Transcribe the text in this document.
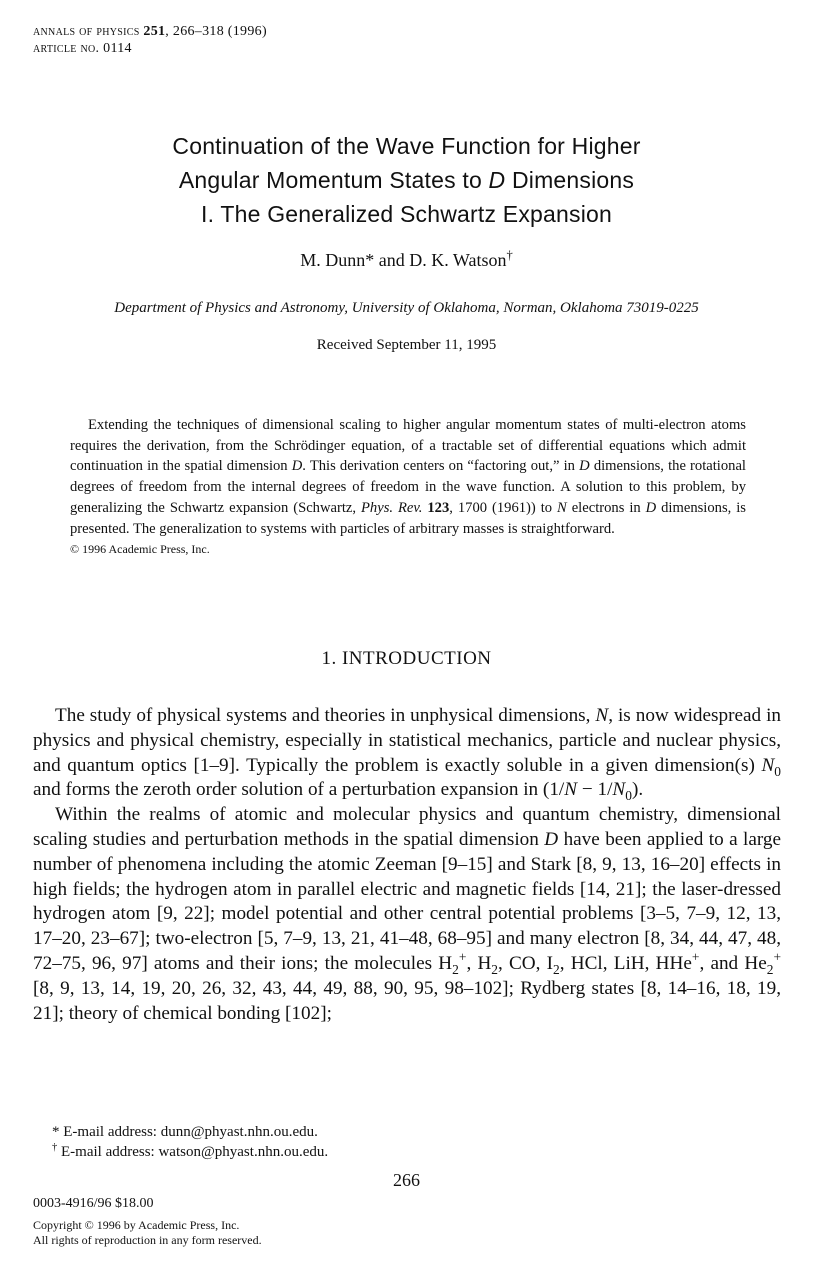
annals of physics 251, 266–318 (1996)
article no. 0114
Continuation of the Wave Function for Higher
Angular Momentum States to D Dimensions
I. The Generalized Schwartz Expansion
M. Dunn* and D. K. Watson†
Department of Physics and Astronomy, University of Oklahoma, Norman, Oklahoma 73019-0225
Received September 11, 1995
Extending the techniques of dimensional scaling to higher angular momentum states of multi-electron atoms requires the derivation, from the Schrödinger equation, of a tractable set of differential equations which admit continuation in the spatial dimension D. This derivation centers on “factoring out,” in D dimensions, the rotational degrees of freedom from the internal degrees of freedom in the wave function. A solution to this problem, by generalizing the Schwartz expansion (Schwartz, Phys. Rev. 123, 1700 (1961)) to N electrons in D dimensions, is presented. The generalization to systems with particles of arbitrary masses is straightforward.
© 1996 Academic Press, Inc.
1. INTRODUCTION

The study of physical systems and theories in unphysical dimensions, N, is now widespread in physics and physical chemistry, especially in statistical mechanics, particle and nuclear physics, and quantum optics [1–9]. Typically the problem is exactly soluble in a given dimension(s) $N_0$ and forms the zeroth order solution of a perturbation expansion in $(1/N - 1/N_0)$.

Within the realms of atomic and molecular physics and quantum chemistry, dimensional scaling studies and perturbation methods in the spatial dimension D have been applied to a large number of phenomena including the atomic Zeeman [9–15] and Stark [8, 9, 13, 16–20] effects in high fields; the hydrogen atom in parallel electric and magnetic fields [14, 21]; the laser-dressed hydrogen atom [9, 22]; model potential and other central potential problems [3–5, 7–9, 12, 13, 17–20, 23–67]; two-electron [5, 7–9, 13, 21, 41–48, 68–95] and many electron [8, 34, 44, 47, 48, 72–75, 96, 97] atoms and their ions; the molecules $H_2^+$, $H_2$, CO, $I_2$, HCl, LiH, HHe+, and $He_2^+$ [8, 9, 13, 14, 19, 20, 26, 32, 43, 44, 49, 88, 90, 95, 98–102]; Rydberg states [8, 14–16, 18, 19, 21]; theory of chemical bonding [102];

* E-mail address: dunn@phyast.nhn.ou.edu.
† E-mail address: watson@phyast.nhn.ou.edu.
266
0003-4916/96 $18.00
Copyright © 1996 by Academic Press, Inc.
All rights of reproduction in any form reserved.
